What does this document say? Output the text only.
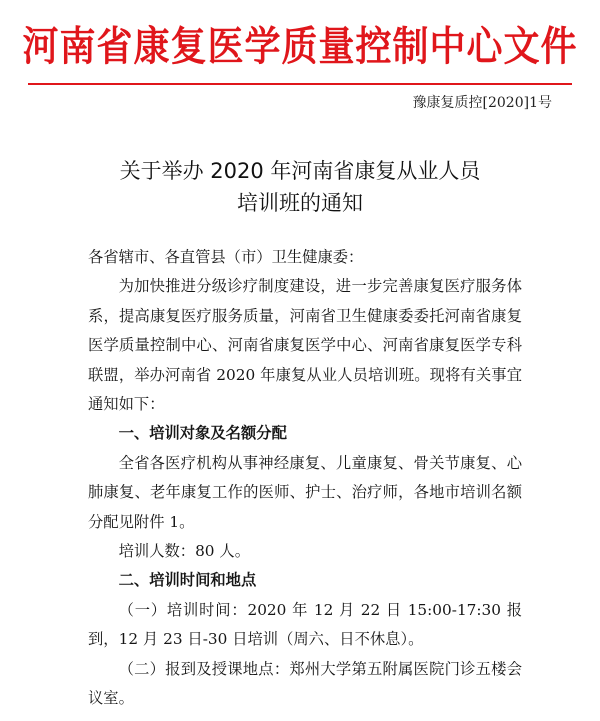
河南省康复医学质量控制中心文件
豫康复质控[2020]1号
关于举办 2020 年河南省康复从业人员
培训班的通知

各省辖市、各直管县（市）卫生健康委：

为加快推进分级诊疗制度建设，进一步完善康复医疗服务体系，提高康复医疗服务质量，河南省卫生健康委委托河南省康复医学质量控制中心、河南省康复医学中心、河南省康复医学专科联盟，举办河南省 2020 年康复从业人员培训班。现将有关事宜通知如下：

一、培训对象及名额分配

全省各医疗机构从事神经康复、儿童康复、骨关节康复、心肺康复、老年康复工作的医师、护士、治疗师，各地市培训名额分配见附件 1。

培训人数：80 人。

二、培训时间和地点

（一）培训时间：2020 年 12 月 22 日 15:00-17:30 报到，12 月 23 日-30 日培训（周六、日不休息）。

（二）报到及授课地点：郑州大学第五附属医院门诊五楼会议室。
